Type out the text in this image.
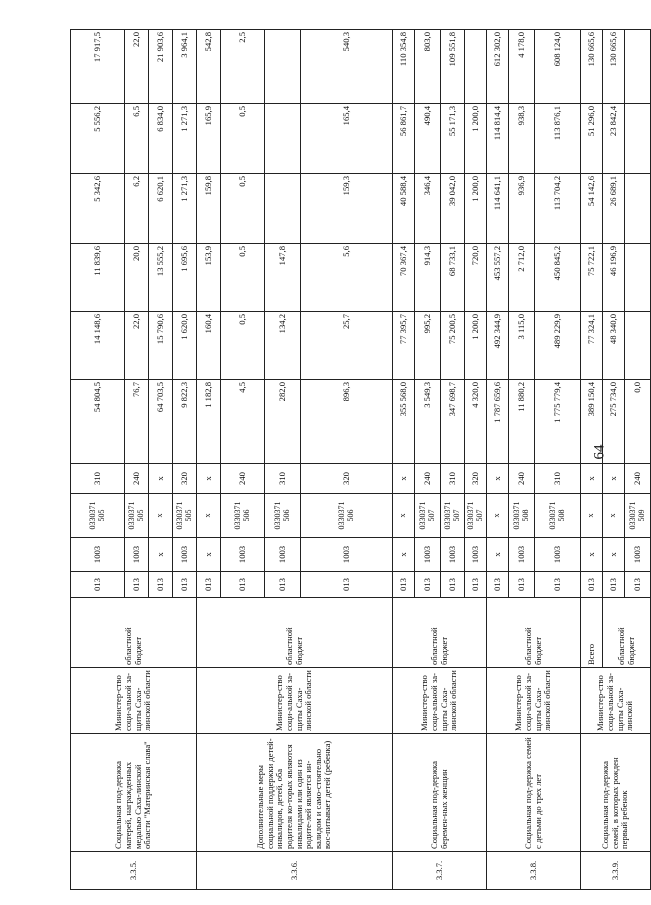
64
3.3.5.	Социальная под-держка матерей, награжденных медалью Саха-линской области "Материнская слава"	Министер-ство соци-альной за-щиты Саха-линской области	областной бюджет	013	1003	0330371 505	310	54 804,5	14 148,6	11 839,6	5 342,6	5 556,2	17 917,5
				013	1003	0330371 505	240	76,7	22,0	20,0	6,2	6,5	22,0
				013	x	x	x	64 703,5	15 790,6	13 555,2	6 620,1	6 834,0	21 903,6
				013	1003	0330371 505	320	9 822,3	1 620,0	1 695,6	1 271,3	1 271,3	3 964,1
3.3.6.	Дополнительные меры социальной поддержки детей-инвалидов, детей, оба родителя ко-торых являются инвалидами или один из родите-лей является ин-валидом и само-стоятельно вос-питывает детей (ребенка)	Министер-ство соци-альной за-щиты Саха-линской области	областной бюджет	013	x	x	x	1 182,8	160,4	153,9	159,8	165,9	542,8
				013	1003	0330371 506	240	4,5	0,5	0,5	0,5	0,5	2,5
				013	1003	0330371 506	310	282,0	134,2	147,8			
				013	1003	0330371 506	320	896,3	25,7	5,6	159,3	165,4	540,3
3.3.7.	Социальная под-держка беремен-ных женщин	Министер-ство соци-альной за-щиты Саха-линской области	областной бюджет	013	x	x	x	355 568,0	77 395,7	70 367,4	40 588,4	56 861,7	110 354,8
				013	1003	0330371 507	240	3 549,3	995,2	914,3	346,4	490,4	803,0
				013	1003	0330371 507	310	347 698,7	75 200,5	68 733,1	39 042,0	55 171,3	109 551,8
				013	1003	0330371 507	320	4 320,0	1 200,0	720,0	1 200,0	1 200,0	
3.3.8.	Социальная под-держка семей с детьми до трех лет	Министер-ство соци-альной за-щиты Саха-линской области	областной бюджет	013	x	x	x	1 787 659,6	492 344,9	453 557,2	114 641,1	114 814,4	612 302,0
				013	1003	0330371 508	240	11 880,2	3 115,0	2 712,0	936,9	938,3	4 178,0
				013	1003	0330371 508	310	1 775 779,4	489 229,9	450 845,2	113 704,2	113 876,1	608 124,0
3.3.9.	Социальная под-держка семей, в которых рожден первый ребенок	Министер-ство соци-альной за-щиты Саха-линской	Всего	013	x	x	x	389 150,4	77 324,1	75 722,1	54 142,6	51 296,0	130 665,6
			областной бюджет	013	x	x	x	275 734,0	48 340,0	46 196,9	26 689,1	23 842,4	130 665,6
				013	1003	0330371 509	240	0,0					
